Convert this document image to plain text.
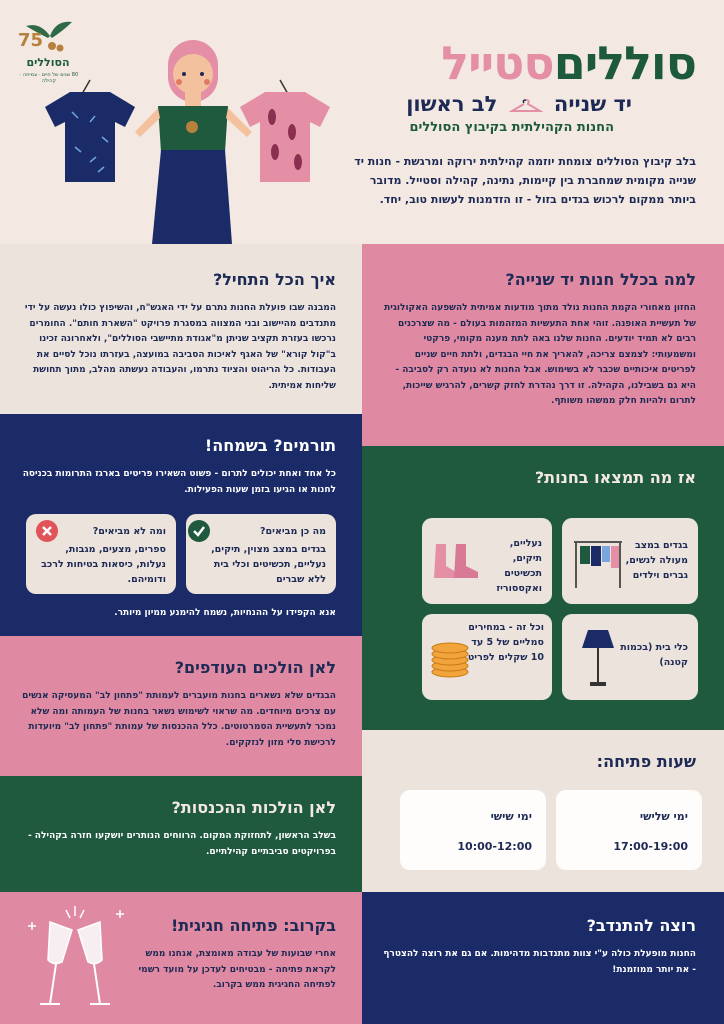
75
הסוללים
80 שנים של חיים · צמיחה · קהילה	סולליםסטייל
יד שנייה  לב ראשון
החנות הקהילתית בקיבוץ הסוללים
בלב קיבוץ הסוללים צומחת יוזמה קהילתית ירוקה ומרגשת - חנות יד שנייה מקומית שמחברת בין קיימות, נתינה, קהילה וסטייל. מדובר ביותר ממקום לרכוש בגדים בזול - זו הזדמנות לעשות טוב, יחד.
למה בכלל חנות יד שנייה?

החזון מאחורי הקמת החנות נולד מתוך מודעות אמיתית להשפעה האקולוגית של תעשיית האופנה. זוהי אחת התעשיות המזהמות בעולם - מה שצרכנים רבים לא תמיד יודעים. החנות שלנו באה לתת מענה מקומי, פרקטי ומשמעותי: לצמצם צריכה, להאריך את חיי הבגדים, ולתת חיים שניים לפריטים איכותיים שכבר לא בשימוש. אבל החנות לא נועדה רק לסביבה - היא גם בשבילנו, הקהילה. זו דרך נהדרת לחזק קשרים, להרגיש שייכות, לתרום ולהיות חלק ממשהו משותף.

איך הכל התחיל?

המבנה שבו פועלת החנות נתרם על ידי האגש"ח, והשיפוץ כולו נעשה על ידי מתנדבים מהיישוב ובני המצווה במסגרת פרויקט "השארת חותם". החומרים נרכשו בעזרת תקציב שניתן מ"אגודת מתיישבי הסוללים", ולאחרונה זכינו ב"קול קורא" של האגף לאיכות הסביבה במועצה, בעזרתו נוכל לסיים את העבודות. כל הריהוט והציוד נתרמו, והעבודה נעשתה מהלב, מתוך תחושת שליחות אמיתית.

תורמים? בשמחה!

כל אחד ואחת יכולים לתרום - פשוט השאירו פריטים בארגז התרומות בכניסה לחנות או הגיעו בזמן שעות הפעילות.

מה כן מביאים?
בגדים במצב מצוין, תיקים, נעליים, תכשיטים וכלי בית ללא שברים
ומה לא מביאים?
ספרים, מצעים, מגבות, נעלות, כיסאות בטיחות לרכב ודומיהם.

אנא הקפידו על ההנחיות, נשמח להימנע ממיון מיותר.

אז מה תמצאו בחנות?
בגדים במצב מעולה לנשים, גברים וילדים
נעליים, תיקים, תכשיטים ואקססוריז
כלי בית (בכמות קטנה)
וכל זה - במחירים סמליים של 5 עד 10 שקלים לפריט
לאן הולכים העודפים?

הבגדים שלא נשארים בחנות מועברים לעמותת "פתחון לב" המעסיקה אנשים עם צרכים מיוחדים. מה שראוי לשימוש נשאר בחנות של העמותה ומה שלא נמכר לתעשיית הסמרטוטים. כלל ההכנסות של עמותת "פתחון לב" מיועדות לרכישת סלי מזון לנזקקים.

שעות פתיחה:
ימי שלישי
17:00-19:00
ימי שישי
10:00-12:00
לאן הולכות ההכנסות?

בשלב הראשון, לתחזוקת המקום. הרווחים הנותרים יושקעו חזרה בקהילה - בפרויקטים סביבתיים קהילתיים.

רוצה להתנדב?

החנות מופעלת כולה ע"י צוות מתנדבות מדהימות. אם גם את רוצה להצטרף - את יותר ממוזמנת!

בקרוב: פתיחה חגיגית!

אחרי שבועות של עבודה מאומצת, אנחנו ממש לקראת פתיחה - מבטיחים לעדכן על מועד רשמי לפתיחה החגיגית ממש בקרוב.
